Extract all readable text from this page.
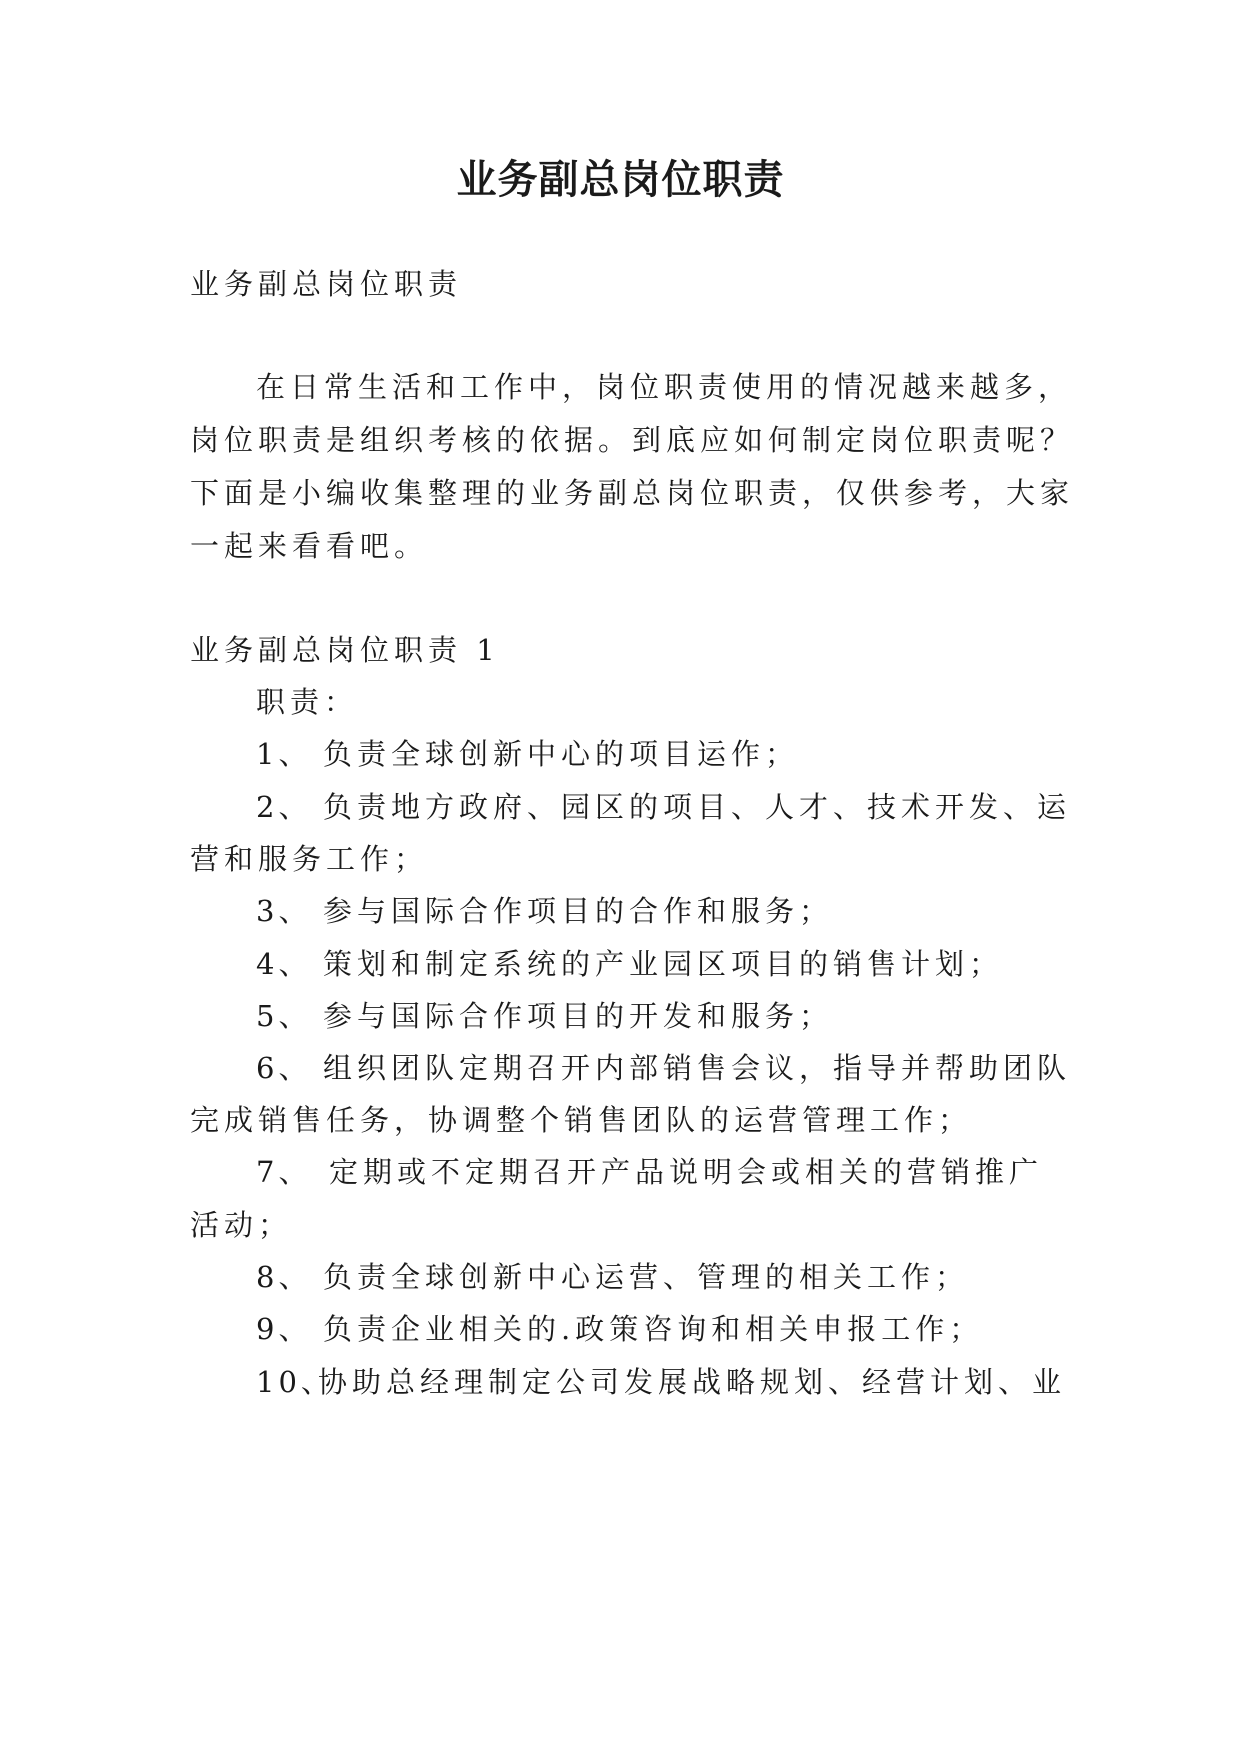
业务副总岗位职责

业务副总岗位职责

在日常生活和工作中，岗位职责使用的情况越来越多，

岗位职责是组织考核的依据。到底应如何制定岗位职责呢？

下面是小编收集整理的业务副总岗位职责，仅供参考，大家

一起来看看吧。

业务副总岗位职责 1

职责：

1、 负责全球创新中心的项目运作；

2、 负责地方政府、园区的项目、人才、技术开发、运

营和服务工作；

3、 参与国际合作项目的合作和服务；

4、 策划和制定系统的产业园区项目的销售计划；

5、 参与国际合作项目的开发和服务；

6、 组织团队定期召开内部销售会议，指导并帮助团队

完成销售任务，协调整个销售团队的运营管理工作；

7、 定期或不定期召开产品说明会或相关的营销推广

活动；

8、 负责全球创新中心运营、管理的相关工作；

9、 负责企业相关的.政策咨询和相关申报工作；

10、协助总经理制定公司发展战略规划、经营计划、业
